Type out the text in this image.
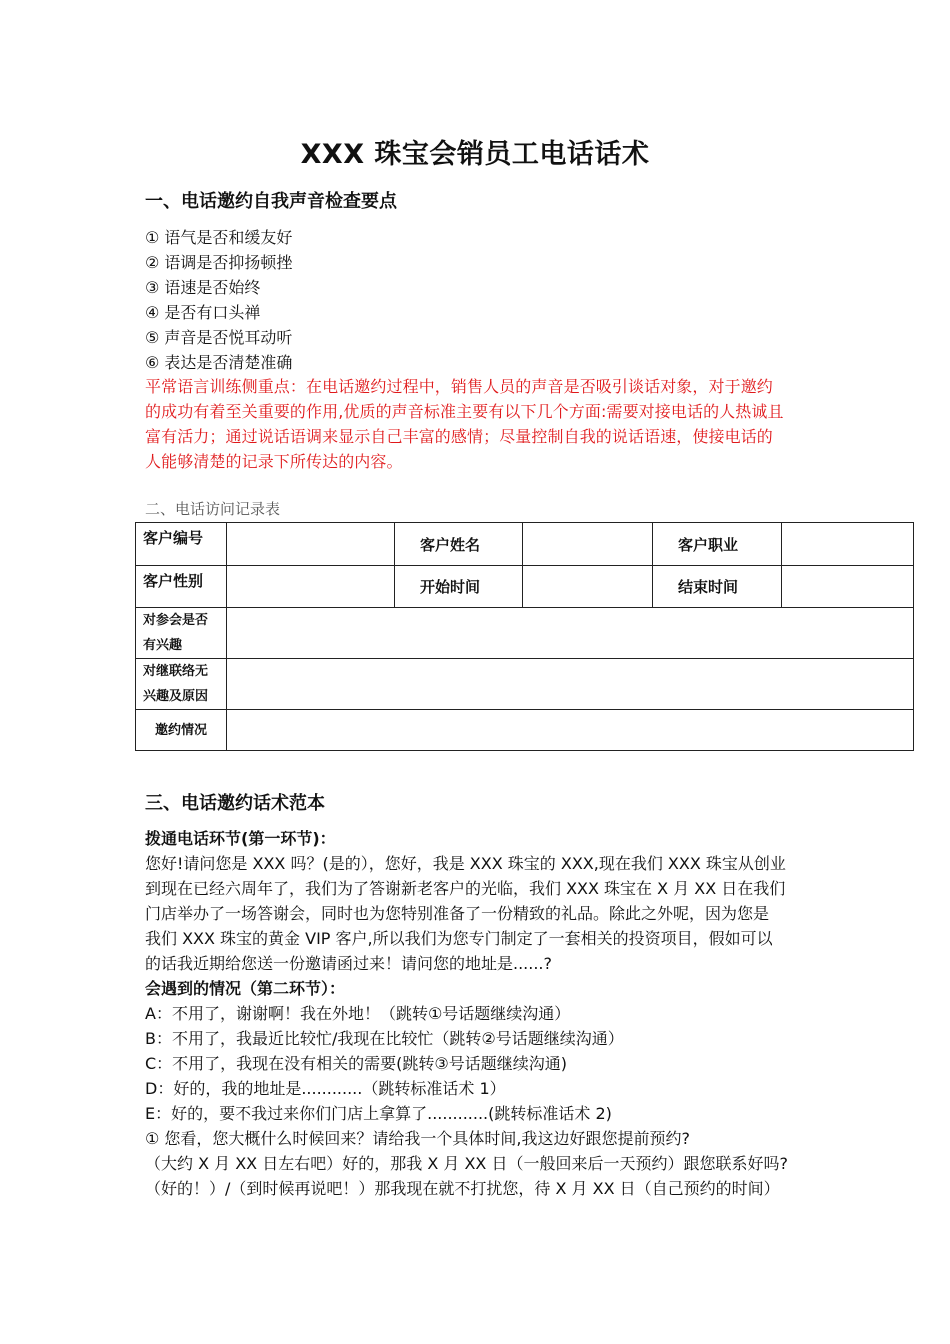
XXX 珠宝会销员工电话话术
一、电话邀约自我声音检查要点
① 语气是否和缓友好
② 语调是否抑扬顿挫
③ 语速是否始终
④ 是否有口头禅
⑤ 声音是否悦耳动听
⑥ 表达是否清楚准确
平常语言训练侧重点：在电话邀约过程中，销售人员的声音是否吸引谈话对象，对于邀约
的成功有着至关重要的作用,优质的声音标准主要有以下几个方面:需要对接电话的人热诚且
富有活力；通过说话语调来显示自己丰富的感情；尽量控制自我的说话语速，使接电话的
人能够清楚的记录下所传达的内容。
二、电话访问记录表
客户编号		客户姓名		客户职业	
客户性别		开始时间		结束时间	
对参会是否有兴趣					
对继联络无兴趣及原因					
邀约情况					
三、电话邀约话术范本
拨通电话环节(第一环节)：
您好!请问您是 XXX 吗？(是的），您好，我是 XXX 珠宝的 XXX,现在我们 XXX 珠宝从创业
到现在已经六周年了，我们为了答谢新老客户的光临，我们 XXX 珠宝在 X 月 XX 日在我们
门店举办了一场答谢会，同时也为您特别准备了一份精致的礼品。除此之外呢，因为您是
我们 XXX 珠宝的黄金 VIP 客户,所以我们为您专门制定了一套相关的投资项目，假如可以
的话我近期给您送一份邀请函过来！请问您的地址是......?
会遇到的情况（第二环节）：
A：不用了，谢谢啊！我在外地！（跳转①号话题继续沟通）
B：不用了，我最近比较忙/我现在比较忙（跳转②号话题继续沟通）
C：不用了，我现在没有相关的需要(跳转③号话题继续沟通)
D：好的，我的地址是............（跳转标准话术 1）
E：好的，要不我过来你们门店上拿算了............(跳转标准话术 2)
① 您看，您大概什么时候回来？请给我一个具体时间,我这边好跟您提前预约?
（大约 X 月 XX 日左右吧）好的，那我 X 月 XX 日（一般回来后一天预约）跟您联系好吗?
（好的！）/（到时候再说吧！）那我现在就不打扰您，待 X 月 XX 日（自己预约的时间）
